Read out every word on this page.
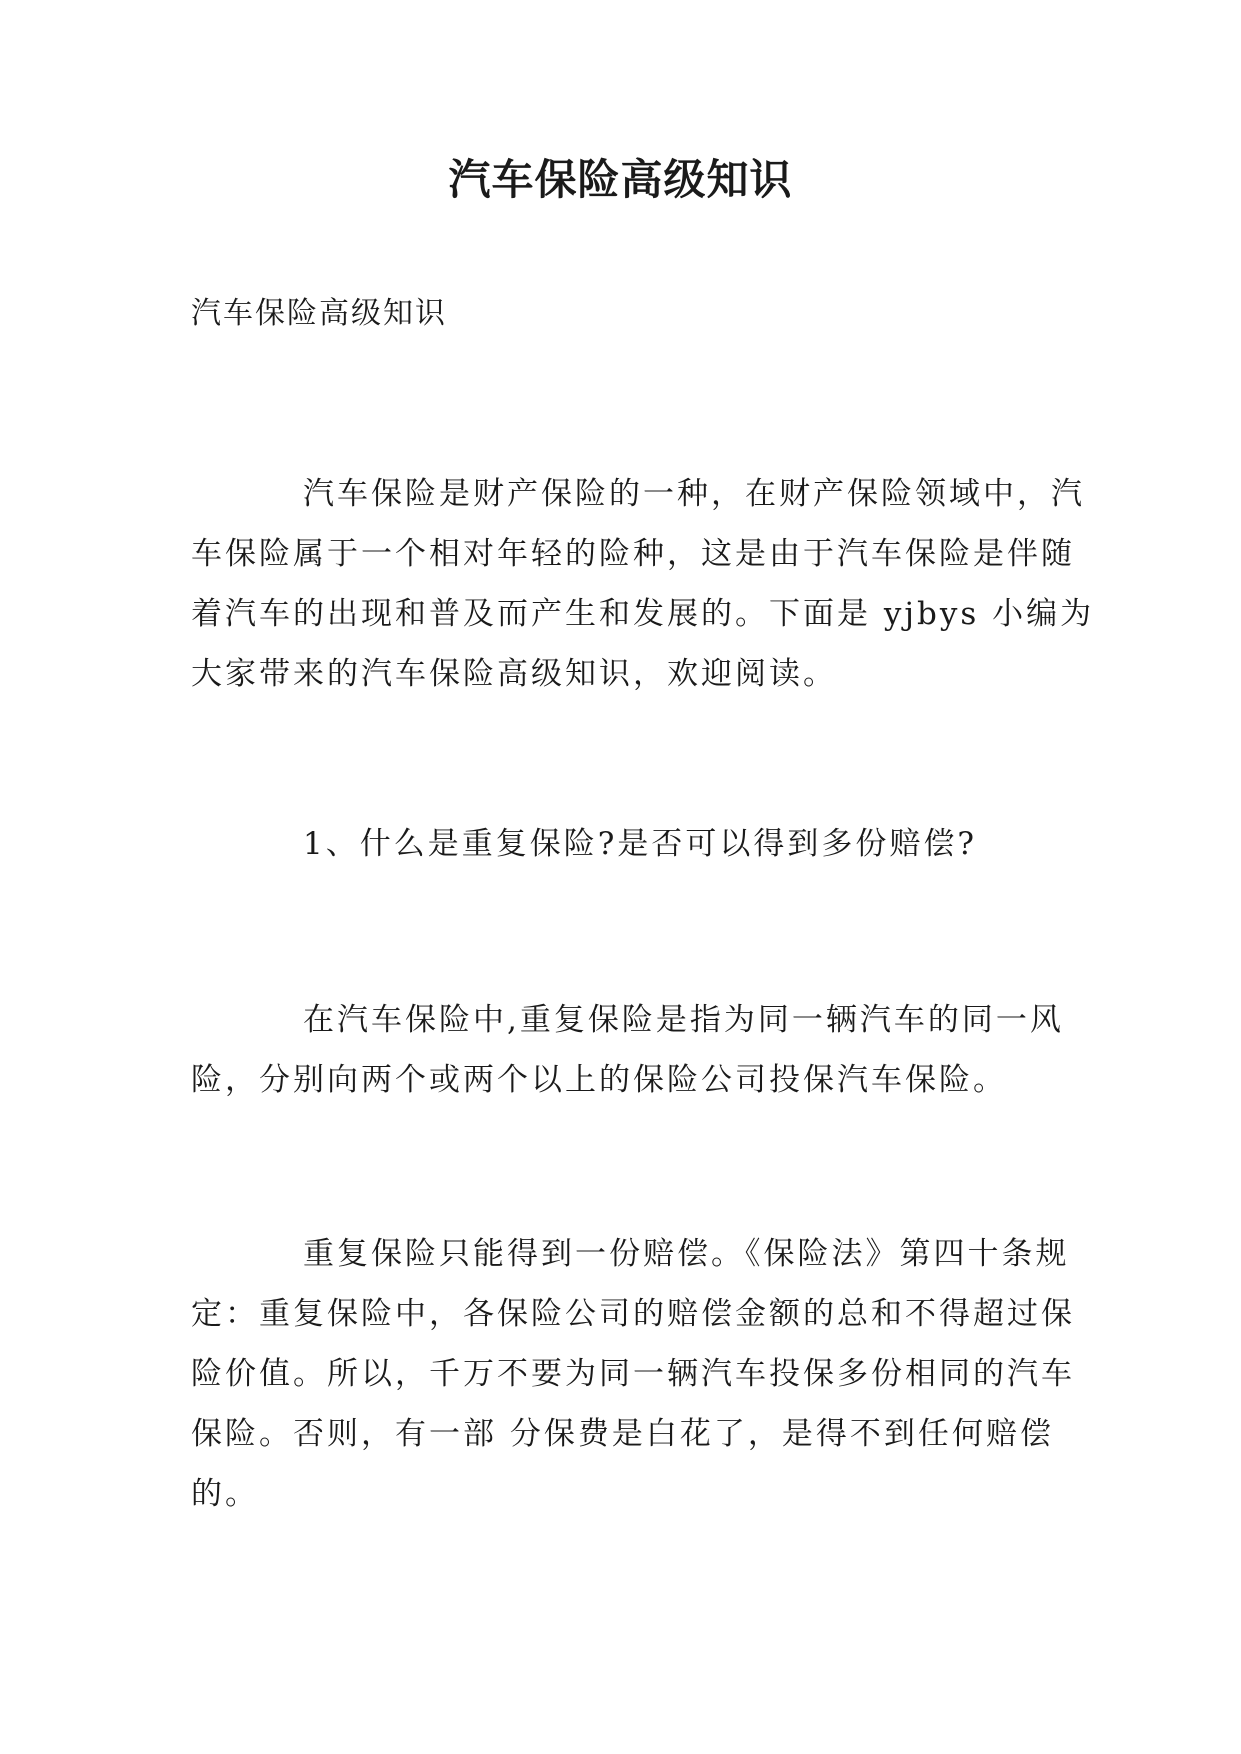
汽车保险高级知识
汽车保险高级知识

汽车保险是财产保险的一种，在财产保险领域中，汽
车保险属于一个相对年轻的险种，这是由于汽车保险是伴随
着汽车的出现和普及而产生和发展的。下面是 yjbys 小编为
大家带来的汽车保险高级知识，欢迎阅读。

1、什么是重复保险?是否可以得到多份赔偿?

在汽车保险中,重复保险是指为同一辆汽车的同一风
险，分别向两个或两个以上的保险公司投保汽车保险。

重复保险只能得到一份赔偿。《保险法》第四十条规
定：重复保险中，各保险公司的赔偿金额的总和不得超过保
险价值。所以，千万不要为同一辆汽车投保多份相同的汽车
保险。否则，有一部 分保费是白花了，是得不到任何赔偿
的。
